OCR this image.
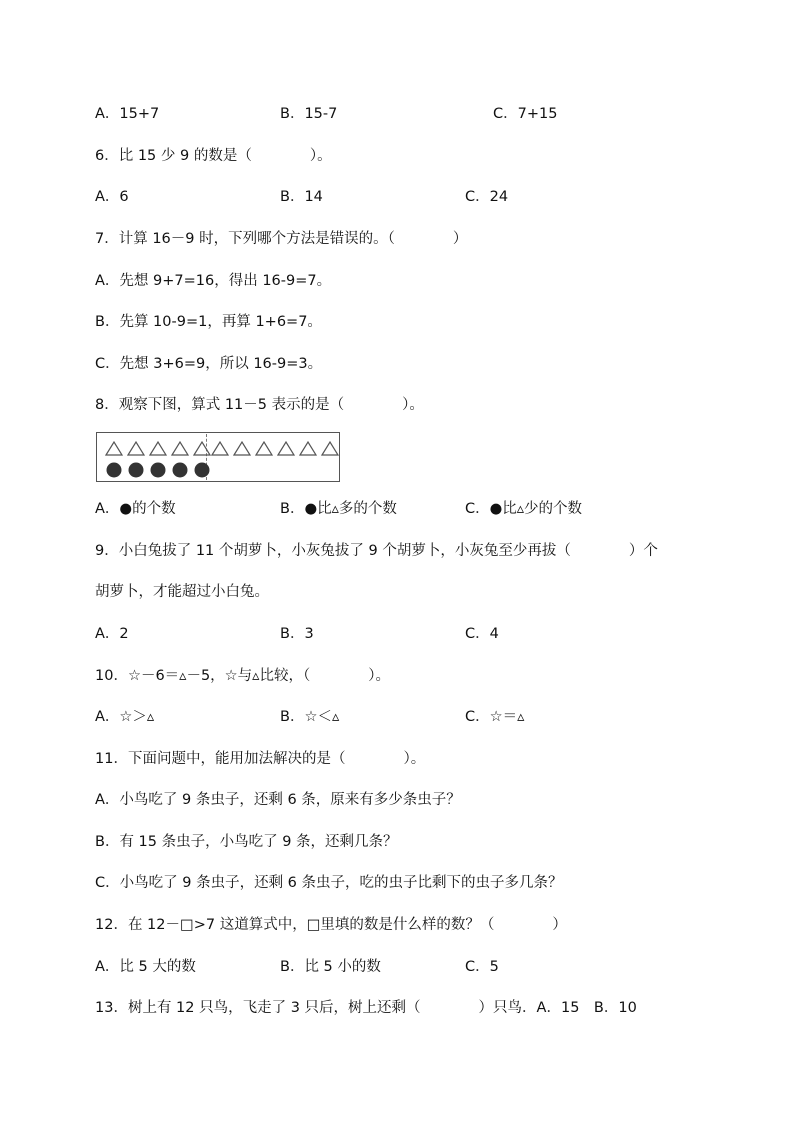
A．15+7	B．15-7	C．7+15
6．比 15 少 9 的数是（　　　　）。
A．6	B．14	C．24
7．计算 16－9 时，下列哪个方法是错误的。（　　　　）
A．先想 9+7=16，得出 16-9=7。
B．先算 10-9=1，再算 1+6=7。
C．先想 3+6=9，所以 16-9=3。
8．观察下图，算式 11－5 表示的是（　　　　）。
A．●的个数	B．●比▵多的个数	C．●比▵少的个数
9．小白兔拔了 11 个胡萝卜，小灰兔拔了 9 个胡萝卜，小灰兔至少再拔（　　　　）个
胡萝卜，才能超过小白兔。
A．2	B．3	C．4
10．☆－6＝▵－5，☆与▵比较，（　　　　）。
A．☆＞▵	B．☆＜▵	C．☆＝▵
11．下面问题中，能用加法解决的是（　　　　）。
A．小鸟吃了 9 条虫子，还剩 6 条，原来有多少条虫子？
B．有 15 条虫子，小鸟吃了 9 条，还剩几条？
C．小鸟吃了 9 条虫子，还剩 6 条虫子，吃的虫子比剩下的虫子多几条？
12．在 12－□>7 这道算式中，□里填的数是什么样的数？（　　　　）
A．比 5 大的数	B．比 5 小的数	C．5
13．树上有 12 只鸟，飞走了 3 只后，树上还剩（　　　　）只鸟．A．15　B．10
